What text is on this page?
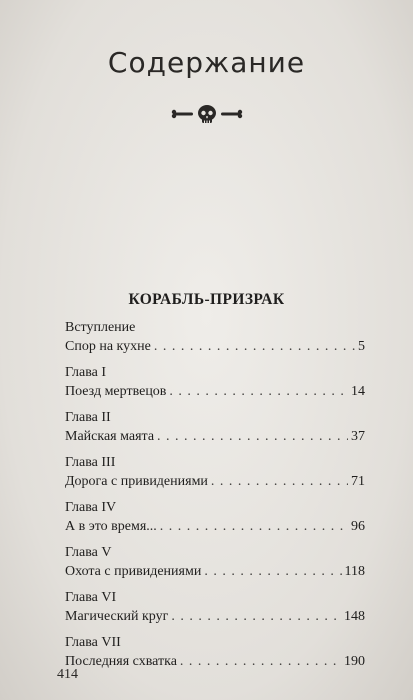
Содержание
КОРАБЛЬ-ПРИЗРАК
Вступление
Спор на кухне . . .	5
Глава I
Поезд мертвецов . . .	14
Глава II
Майская маята . . .	37
Глава III
Дорога с привидениями . . .	71
Глава IV
А в это время... . . .	96
Глава V
Охота с привидениями . . .	118
Глава VI
Магический круг . . .	148
Глава VII
Последняя схватка . . .	190
414
